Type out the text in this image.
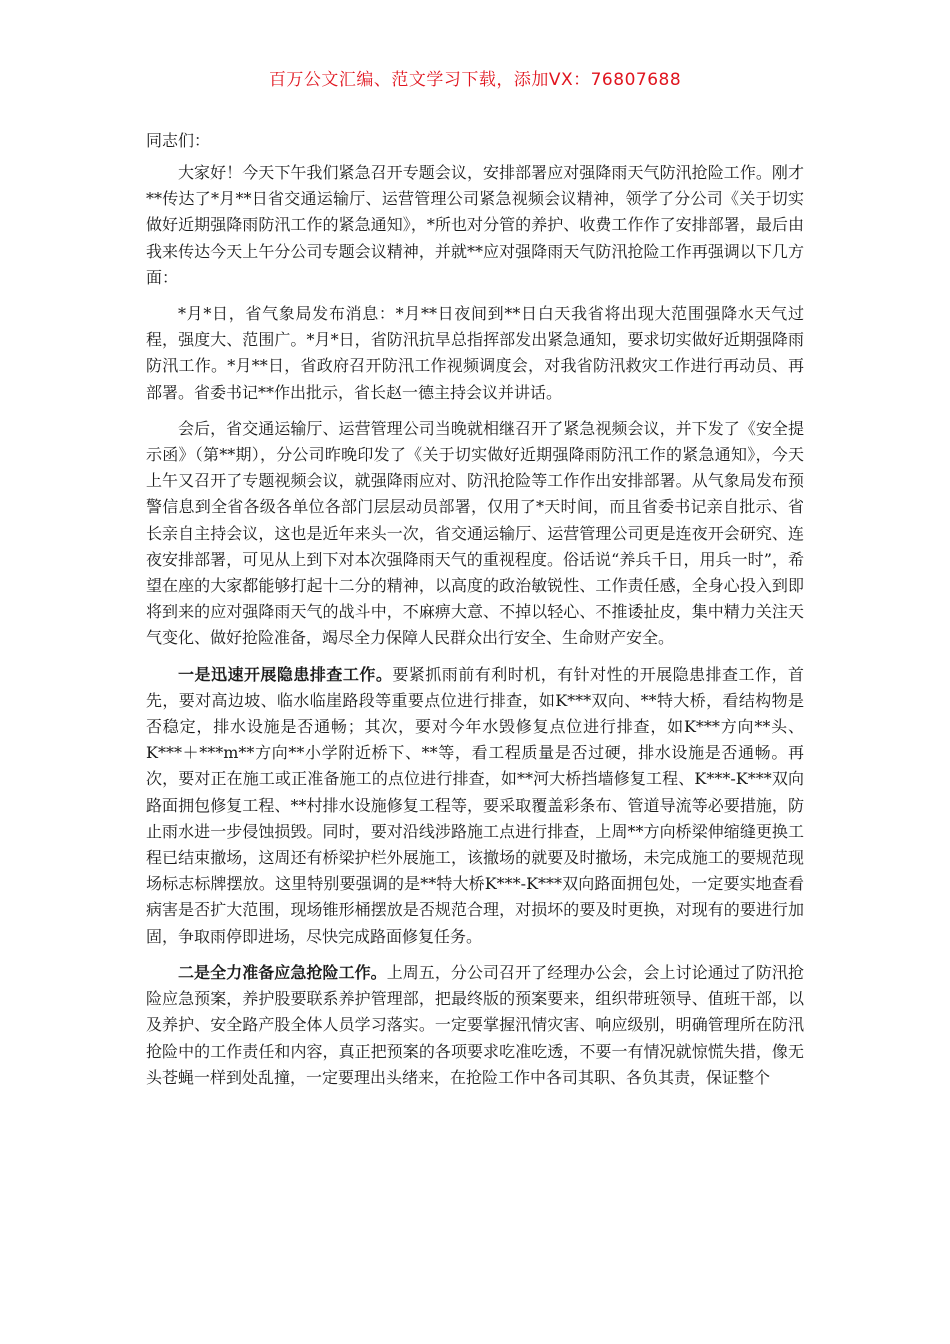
百万公文汇编、范文学习下载，添加VX：76807688

同志们：

大家好！今天下午我们紧急召开专题会议，安排部署应对强降雨天气防汛抢险工作。刚才**传达了*月**日省交通运输厅、运营管理公司紧急视频会议精神，领学了分公司《关于切实做好近期强降雨防汛工作的紧急通知》，*所也对分管的养护、收费工作作了安排部署，最后由我来传达今天上午分公司专题会议精神，并就**应对强降雨天气防汛抢险工作再强调以下几方面：

*月*日，省气象局发布消息：*月**日夜间到**日白天我省将出现大范围强降水天气过程，强度大、范围广。*月*日，省防汛抗旱总指挥部发出紧急通知，要求切实做好近期强降雨防汛工作。*月**日，省政府召开防汛工作视频调度会，对我省防汛救灾工作进行再动员、再部署。省委书记**作出批示，省长赵一德主持会议并讲话。

会后，省交通运输厅、运营管理公司当晚就相继召开了紧急视频会议，并下发了《安全提示函》（第**期），分公司昨晚印发了《关于切实做好近期强降雨防汛工作的紧急通知》，今天上午又召开了专题视频会议，就强降雨应对、防汛抢险等工作作出安排部署。从气象局发布预警信息到全省各级各单位各部门层层动员部署，仅用了*天时间，而且省委书记亲自批示、省长亲自主持会议，这也是近年来头一次，省交通运输厅、运营管理公司更是连夜开会研究、连夜安排部署，可见从上到下对本次强降雨天气的重视程度。俗话说“养兵千日，用兵一时”，希望在座的大家都能够打起十二分的精神，以高度的政治敏锐性、工作责任感，全身心投入到即将到来的应对强降雨天气的战斗中，不麻痹大意、不掉以轻心、不推诿扯皮，集中精力关注天气变化、做好抢险准备，竭尽全力保障人民群众出行安全、生命财产安全。

一是迅速开展隐患排查工作。要紧抓雨前有利时机，有针对性的开展隐患排查工作，首先，要对高边坡、临水临崖路段等重要点位进行排查，如K***双向、**特大桥，看结构物是否稳定，排水设施是否通畅；其次，要对今年水毁修复点位进行排查，如K***方向**头、K***＋***m**方向**小学附近桥下、**等，看工程质量是否过硬，排水设施是否通畅。再次，要对正在施工或正准备施工的点位进行排查，如**河大桥挡墙修复工程、K***-K***双向路面拥包修复工程、**村排水设施修复工程等，要采取覆盖彩条布、管道导流等必要措施，防止雨水进一步侵蚀损毁。同时，要对沿线涉路施工点进行排查，上周**方向桥梁伸缩缝更换工程已结束撤场，这周还有桥梁护栏外展施工，该撤场的就要及时撤场，未完成施工的要规范现场标志标牌摆放。这里特别要强调的是**特大桥K***-K***双向路面拥包处，一定要实地查看病害是否扩大范围，现场锥形桶摆放是否规范合理，对损坏的要及时更换，对现有的要进行加固，争取雨停即进场，尽快完成路面修复任务。

二是全力准备应急抢险工作。上周五，分公司召开了经理办公会，会上讨论通过了防汛抢险应急预案，养护股要联系养护管理部，把最终版的预案要来，组织带班领导、值班干部，以及养护、安全路产股全体人员学习落实。一定要掌握汛情灾害、响应级别，明确管理所在防汛抢险中的工作责任和内容，真正把预案的各项要求吃准吃透，不要一有情况就惊慌失措，像无头苍蝇一样到处乱撞，一定要理出头绪来，在抢险工作中各司其职、各负其责，保证整个
